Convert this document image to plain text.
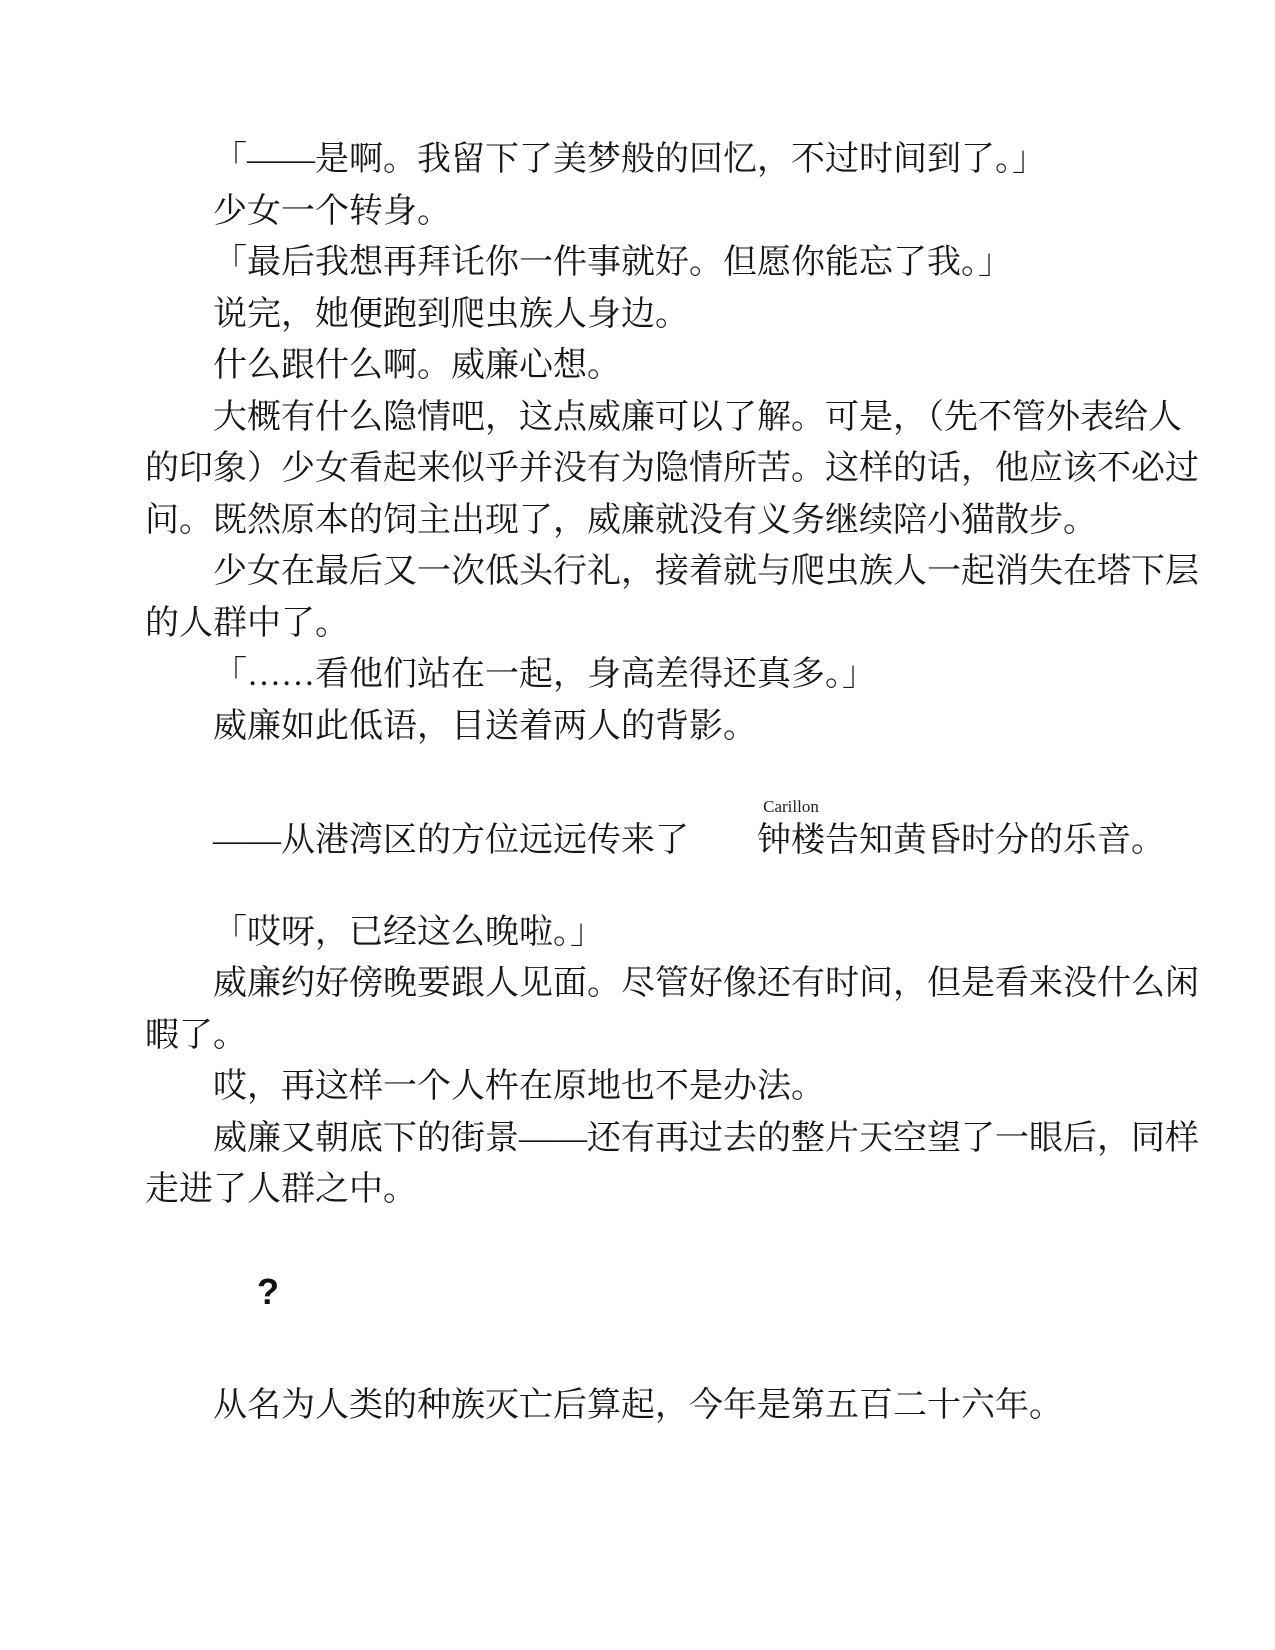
「——是啊。我留下了美梦般的回忆，不过时间到了。」

少女一个转身。

「最后我想再拜讬你一件事就好。但愿你能忘了我。」

说完，她便跑到爬虫族人身边。

什么跟什么啊。威廉心想。

大概有什么隐情吧，这点威廉可以了解。可是，（先不管外表给人
的印象）少女看起来似乎并没有为隐情所苦。这样的话，他应该不必过
问。既然原本的饲主出现了，威廉就没有义务继续陪小猫散步。

少女在最后又一次低头行礼，接着就与爬虫族人一起消失在塔下层
的人群中了。

「……看他们站在一起，身高差得还真多。」

威廉如此低语，目送着两人的背影。

——从港湾区的方位远远传来了
Carillon
钟楼告知黄昏时分的乐音。

「哎呀，已经这么晚啦。」

威廉约好傍晚要跟人见面。尽管好像还有时间，但是看来没什么闲
暇了。

哎，再这样一个人杵在原地也不是办法。

威廉又朝底下的街景——还有再过去的整片天空望了一眼后，同样
走进了人群之中。

?

从名为人类的种族灭亡后算起，今年是第五百二十六年。
